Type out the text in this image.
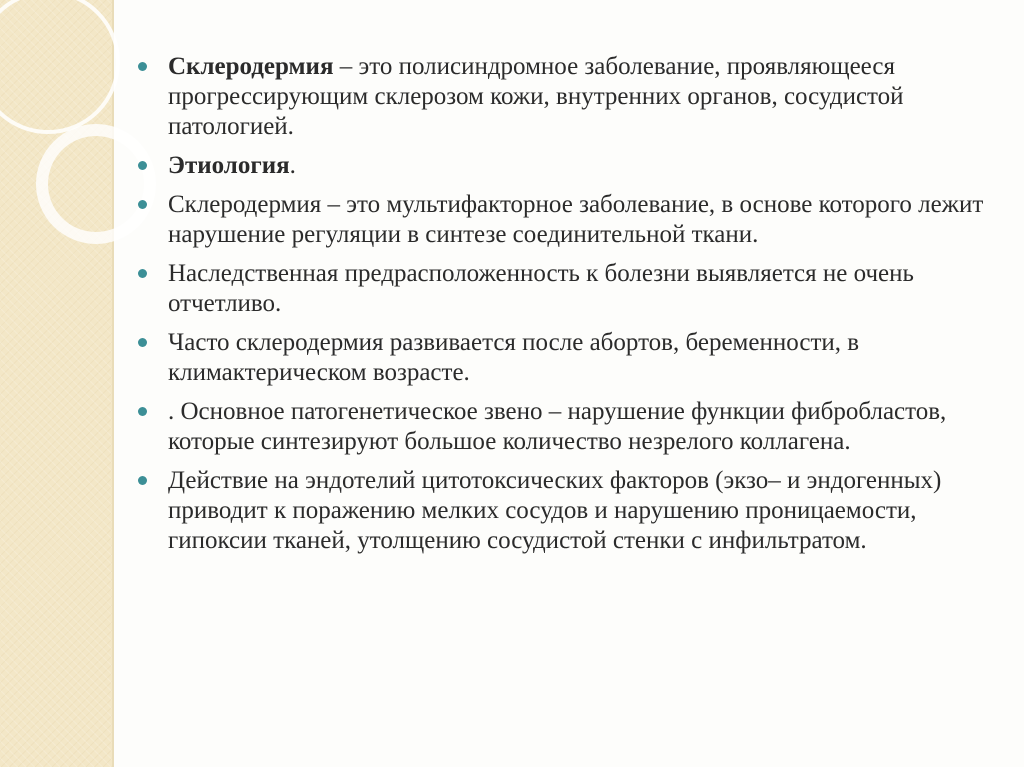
Склеродермия – это полисиндромное заболевание, проявляющееся прогрессирующим склерозом кожи, внутренних органов, сосудистой патологией.
Этиология.
Склеродермия – это мультифакторное заболевание, в основе которого лежит нарушение регуляции в синтезе соединительной ткани.
Наследственная предрасположенность к болезни выявляется не очень отчетливо.
Часто склеродермия развивается после абортов, беременности, в климактерическом возрасте.
. Основное патогенетическое звено – нарушение функции фибробластов, которые синтезируют большое количество незрелого коллагена.
Действие на эндотелий цитотоксических факторов (экзо– и эндогенных) приводит к поражению мелких сосудов и нарушению проницаемости, гипоксии тканей, утолщению сосудистой стенки с инфильтратом.
